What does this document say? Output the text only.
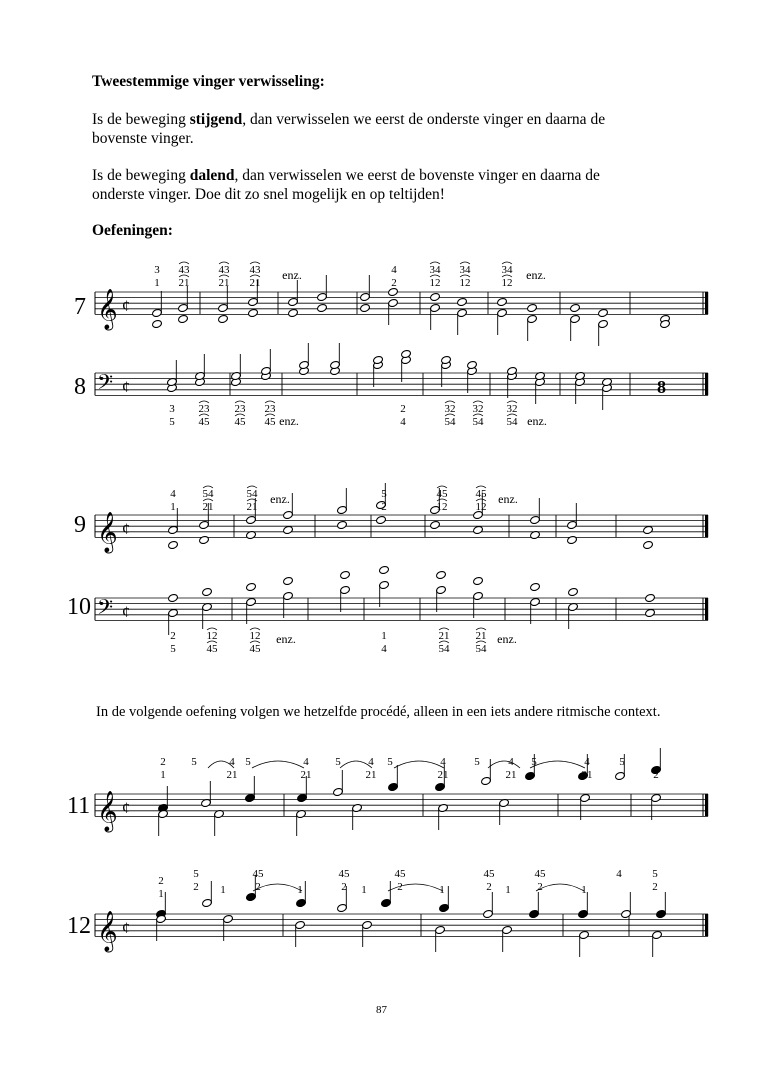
Tweestemmige vinger verwisseling:
Is de beweging stijgend, dan verwisselen we eerst de onderste vinger en daarna de bovenste vinger.
Is de beweging dalend, dan verwisselen we eerst de bovenste vinger en daarna de onderste vinger. Doe dit zo snel mogelijk en op teltijden!
Oefeningen:
In de volgende oefening volgen we hetzelfde procédé, alleen in een iets andere ritmische context.
7
8
9
10
11
12
87
𝄞 ¢
3
1
43
21
43
21
43
21
4
2
34
12
34
12
34
12
enz.	enz.
𝄢 ¢	8
3
5
23
45
23
45
23
45
2
4
32
54
32
54
32
54
enz.	enz.
𝄞 ¢
4
1
54
21
54
21
5
2
45
12
45
12
enz.	enz.
𝄢 ¢
2
5
12
45
12
45
1
4
21
54
21
54
enz.	enz.
𝄞 ¢
2
1
5	4
21
5	4
21
5	4
21
5	4
21
5	4
21
5	4
21
5
2
𝄞 ¢
2
1
5
2 1
45
2	1
45
2 1
45
2	1
45
2 1
45
2	1
4	5
2
